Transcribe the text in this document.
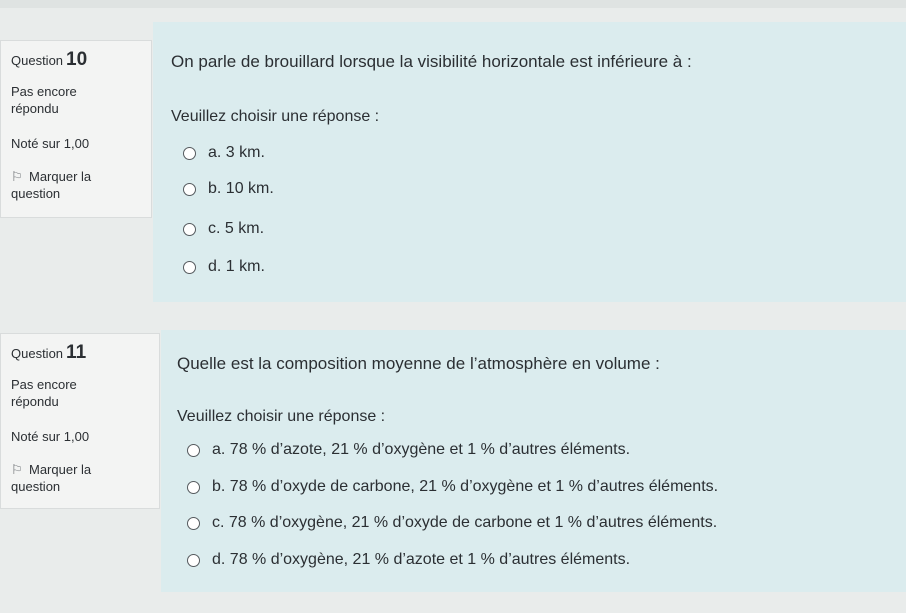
Question 10
Pas encore
répondu
Noté sur 1,00
⚐ Marquer la
question
On parle de brouillard lorsque la visibilité horizontale est inférieure à :
Veuillez choisir une réponse :
a. 3 km.
b. 10 km.
c. 5 km.
d. 1 km.
Question 11
Pas encore
répondu
Noté sur 1,00
⚐ Marquer la
question
Quelle est la composition moyenne de l’atmosphère en volume :
Veuillez choisir une réponse :
a. 78 % d’azote, 21 % d’oxygène et 1 % d’autres éléments.
b. 78 % d’oxyde de carbone, 21 % d’oxygène et 1 % d’autres éléments.
c. 78 % d’oxygène, 21 % d’oxyde de carbone et 1 % d’autres éléments.
d. 78 % d’oxygène, 21 % d’azote et 1 % d’autres éléments.
